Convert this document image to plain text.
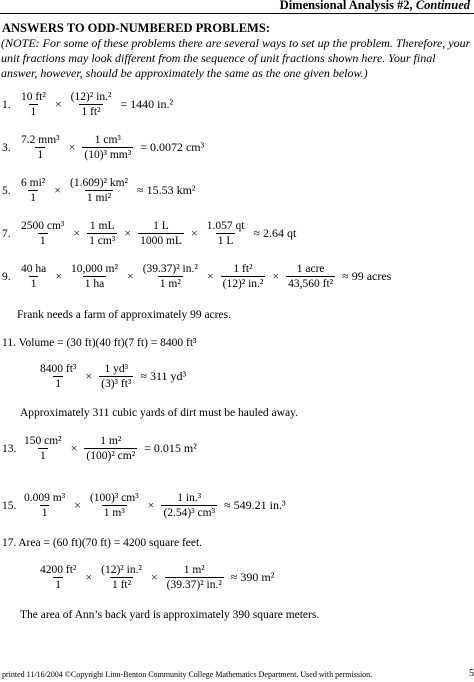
Dimensional Analysis #2, Continued
ANSWERS TO ODD-NUMBERED PROBLEMS:
(NOTE: For some of these problems there are several ways to set up the problem. Therefore, your unit fractions may look different from the sequence of unit fractions shown here. Your final answer, however, should be approximately the same as the one given below.)
1. $\frac{\text{10 ft²}}{1} \times \frac{\text{(12)² in.²}}{\text{1 ft²}} = 1440$ in.²
3. $\frac{\text{7.2 mm³}}{1} \times \frac{\text{1 cm³}}{\text{(10)³ mm³}} = 0.0072$ cm³
5. $\frac{\text{6 mi²}}{1} \times \frac{\text{(1.609)² km²}}{\text{1 mi²}} \approx 15.53$ km²
7. $\frac{\text{2500 cm³}}{1} \times \frac{1 mL}{\text{1 cm³}} \times \frac{1 L}{1000 mL} \times \frac{1.057 qt}{1 L} \approx 2.64$ qt
9. $\frac{40 ha}{1} \times \frac{\text{10,000 m²}}{1 ha} \times \frac{\text{(39.37)² in.²}}{\text{1 m²}} \times \frac{\text{1 ft²}}{\text{(12)² in.²}} \times \frac{\text{1 acre}}{\text{43,560 ft²}} \approx 99$ acres
Frank needs a farm of approximately 99 acres.
11. Volume = (30 ft)(40 ft)(7 ft) = 8400 ft³
$\frac{\text{8400 ft³}}{1} \times \frac{\text{1 yd³}}{\text{(3)³ ft³}} \approx 311$ yd³
Approximately 311 cubic yards of dirt must be hauled away.
13. $\frac{\text{150 cm²}}{1} \times \frac{\text{1 m²}}{\text{(100)² cm²}} = 0.015$ m²
15. $\frac{\text{0.009 m³}}{1} \times \frac{\text{(100)³ cm³}}{\text{1 m³}} \times \frac{\text{1 in.³}}{\text{(2.54)³ cm³}} \approx 549.21$ in.³
17. Area = (60 ft)(70 ft) = 4200 square feet.
$\frac{\text{4200 ft²}}{1} \times \frac{\text{(12)² in.²}}{\text{1 ft²}} \times \frac{\text{1 m²}}{\text{(39.37)² in.²}} \approx 390$ m²
The area of Ann’s back yard is approximately 390 square meters.
printed 11/16/2004 ©Copyright Linn-Benton Community College Mathematics Department. Used with permission.	5
